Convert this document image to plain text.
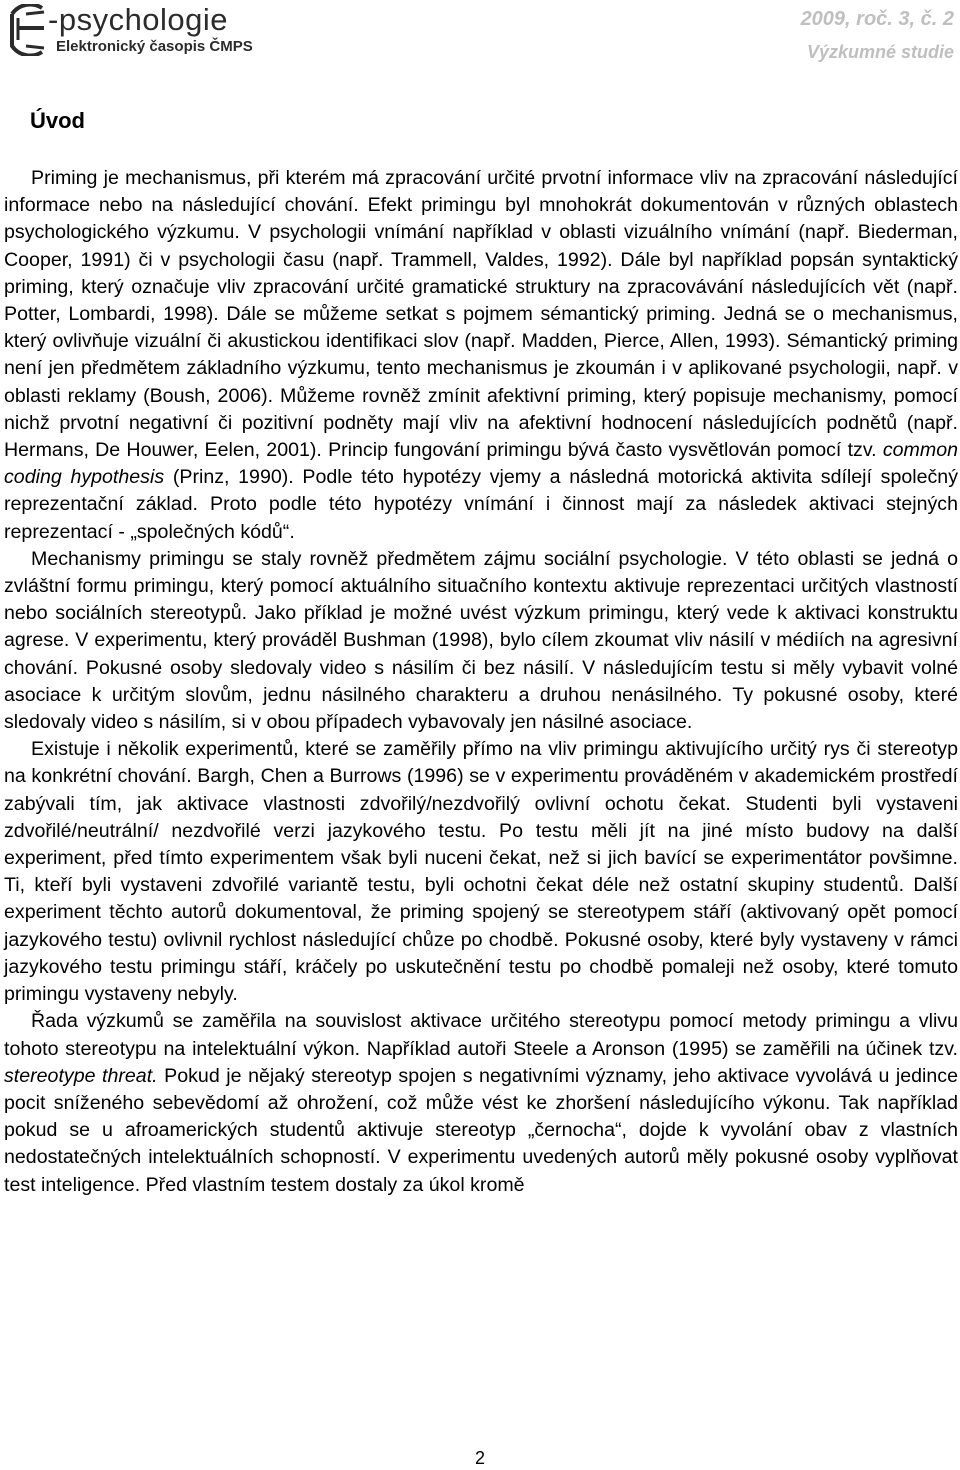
-psychologie
Elektronický časopis ČMPS
2009, roč. 3, č. 2
Výzkumné studie
Úvod

Priming je mechanismus, při kterém má zpracování určité prvotní informace vliv na zpracování následující informace nebo na následující chování. Efekt primingu byl mnohokrát dokumentován v různých oblastech psychologického výzkumu. V psychologii vnímání například v oblasti vizuálního vnímání (např. Biederman, Cooper, 1991) či v psychologii času (např. Trammell, Valdes, 1992). Dále byl například popsán syntaktický priming, který označuje vliv zpracování určité gramatické struktury na zpracovávání následujících vět (např. Potter, Lombardi, 1998). Dále se můžeme setkat s pojmem sémantický priming. Jedná se o mechanismus, který ovlivňuje vizuální či akustickou identifikaci slov (např. Madden, Pierce, Allen, 1993). Sémantický priming není jen předmětem základního výzkumu, tento mechanismus je zkoumán i v aplikované psychologii, např. v oblasti reklamy (Boush, 2006). Můžeme rovněž zmínit afektivní priming, který popisuje mechanismy, pomocí nichž prvotní negativní či pozitivní podněty mají vliv na afektivní hodnocení následujících podnětů (např. Hermans, De Houwer, Eelen, 2001). Princip fungování primingu bývá často vysvětlován pomocí tzv. common coding hypothesis (Prinz, 1990). Podle této hypotézy vjemy a následná motorická aktivita sdílejí společný reprezentační základ. Proto podle této hypotézy vnímání i činnost mají za následek aktivaci stejných reprezentací - „společných kódů“.

Mechanismy primingu se staly rovněž předmětem zájmu sociální psychologie. V této oblasti se jedná o zvláštní formu primingu, který pomocí aktuálního situačního kontextu aktivuje reprezentaci určitých vlastností nebo sociálních stereotypů. Jako příklad je možné uvést výzkum primingu, který vede k aktivaci konstruktu agrese. V experimentu, který prováděl Bushman (1998), bylo cílem zkoumat vliv násilí v médiích na agresivní chování. Pokusné osoby sledovaly video s násilím či bez násilí. V následujícím testu si měly vybavit volné asociace k určitým slovům, jednu násilného charakteru a druhou nenásilného. Ty pokusné osoby, které sledovaly video s násilím, si v obou případech vybavovaly jen násilné asociace.

Existuje i několik experimentů, které se zaměřily přímo na vliv primingu aktivujícího určitý rys či stereotyp na konkrétní chování. Bargh, Chen a Burrows (1996) se v experimentu prováděném v akademickém prostředí zabývali tím, jak aktivace vlastnosti zdvořilý/nezdvořilý ovlivní ochotu čekat. Studenti byli vystaveni zdvořilé/neutrální/ nezdvořilé verzi jazykového testu. Po testu měli jít na jiné místo budovy na další experiment, před tímto experimentem však byli nuceni čekat, než si jich bavící se experimentátor povšimne. Ti, kteří byli vystaveni zdvořilé variantě testu, byli ochotni čekat déle než ostatní skupiny studentů. Další experiment těchto autorů dokumentoval, že priming spojený se stereotypem stáří (aktivovaný opět pomocí jazykového testu) ovlivnil rychlost následující chůze po chodbě. Pokusné osoby, které byly vystaveny v rámci jazykového testu primingu stáří, kráčely po uskutečnění testu po chodbě pomaleji než osoby, které tomuto primingu vystaveny nebyly.

Řada výzkumů se zaměřila na souvislost aktivace určitého stereotypu pomocí metody primingu a vlivu tohoto stereotypu na intelektuální výkon. Například autoři Steele a Aronson (1995) se zaměřili na účinek tzv. stereotype threat. Pokud je nějaký stereotyp spojen s negativními významy, jeho aktivace vyvolává u jedince pocit sníženého sebevědomí až ohrožení, což může vést ke zhoršení následujícího výkonu. Tak například pokud se u afroamerických studentů aktivuje stereotyp „černocha“, dojde k vyvolání obav z vlastních nedostatečných intelektuálních schopností. V experimentu uvedených autorů měly pokusné osoby vyplňovat test inteligence. Před vlastním testem dostaly za úkol kromě

2
